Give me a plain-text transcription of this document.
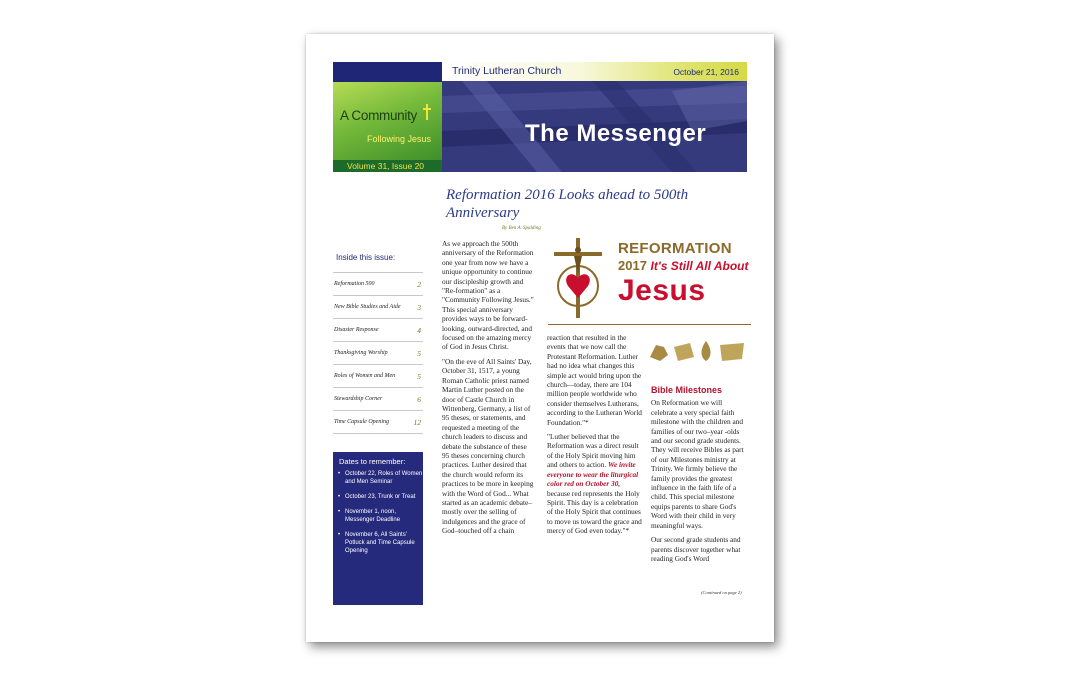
A Community
Following Jesus
Volume 31, Issue 20
Trinity Lutheran Church	October 21, 2016
The Messenger
Inside this issue:
Reformation 500	2
New Bible Studies and Aide	3
Disaster Response	4
Thanksgiving Worship	5
Roles of Women and Men	5
Stewardship Corner	6
Time Capsule Opening	12
Dates to remember:
• October 22, Roles of Women and Men Seminar
• October 23, Trunk or Treat
• November 1, noon, Messenger Deadline
• November 6, All Saints' Potluck and Time Capsule Opening
Reformation 2016 Looks ahead to 500th Anniversary
By Ben A. Spalding

As we approach the 500th anniversary of the Reformation one year from now we have a unique opportunity to continue our discipleship growth and "Re-formation" as a "Community Following Jesus." This special anniversary provides ways to be forward-looking, outward-directed, and focused on the amazing mercy of God in Jesus Christ.

"On the eve of All Saints' Day, October 31, 1517, a young Roman Catholic priest named Martin Luther posted on the door of Castle Church in Wittenberg, Germany, a list of 95 theses, or statements, and requested a meeting of the church leaders to discuss and debate the substance of these 95 theses concerning church practices. Luther desired that the church would reform its practices to be more in keeping with the Word of God... What started as an academic debate–mostly over the selling of indulgences and the grace of God–touched off a chain

REFORMATION
2017 It's Still All About
Jesus

reaction that resulted in the events that we now call the Protestant Reformation. Luther had no idea what changes this simple act would bring upon the church—today, there are 104 million people worldwide who consider themselves Lutherans, according to the Lutheran World Foundation."*

"Luther believed that the Reformation was a direct result of the Holy Spirit moving him and others to action. We invite everyone to wear the liturgical color red on October 30, because red represents the Holy Spirit. This day is a celebration of the Holy Spirit that continues to move us toward the grace and mercy of God even today."*

Bible Milestones

On Reformation we will celebrate a very special faith milestone with the children and families of our two–year -olds and our second grade students. They will receive Bibles as part of our Milestones ministry at Trinity. We firmly believe the family provides the greatest influence in the faith life of a child. This special milestone equips parents to share God's Word with their child in very meaningful ways.

Our second grade students and parents discover together what reading God's Word

(Continued on page 2)
